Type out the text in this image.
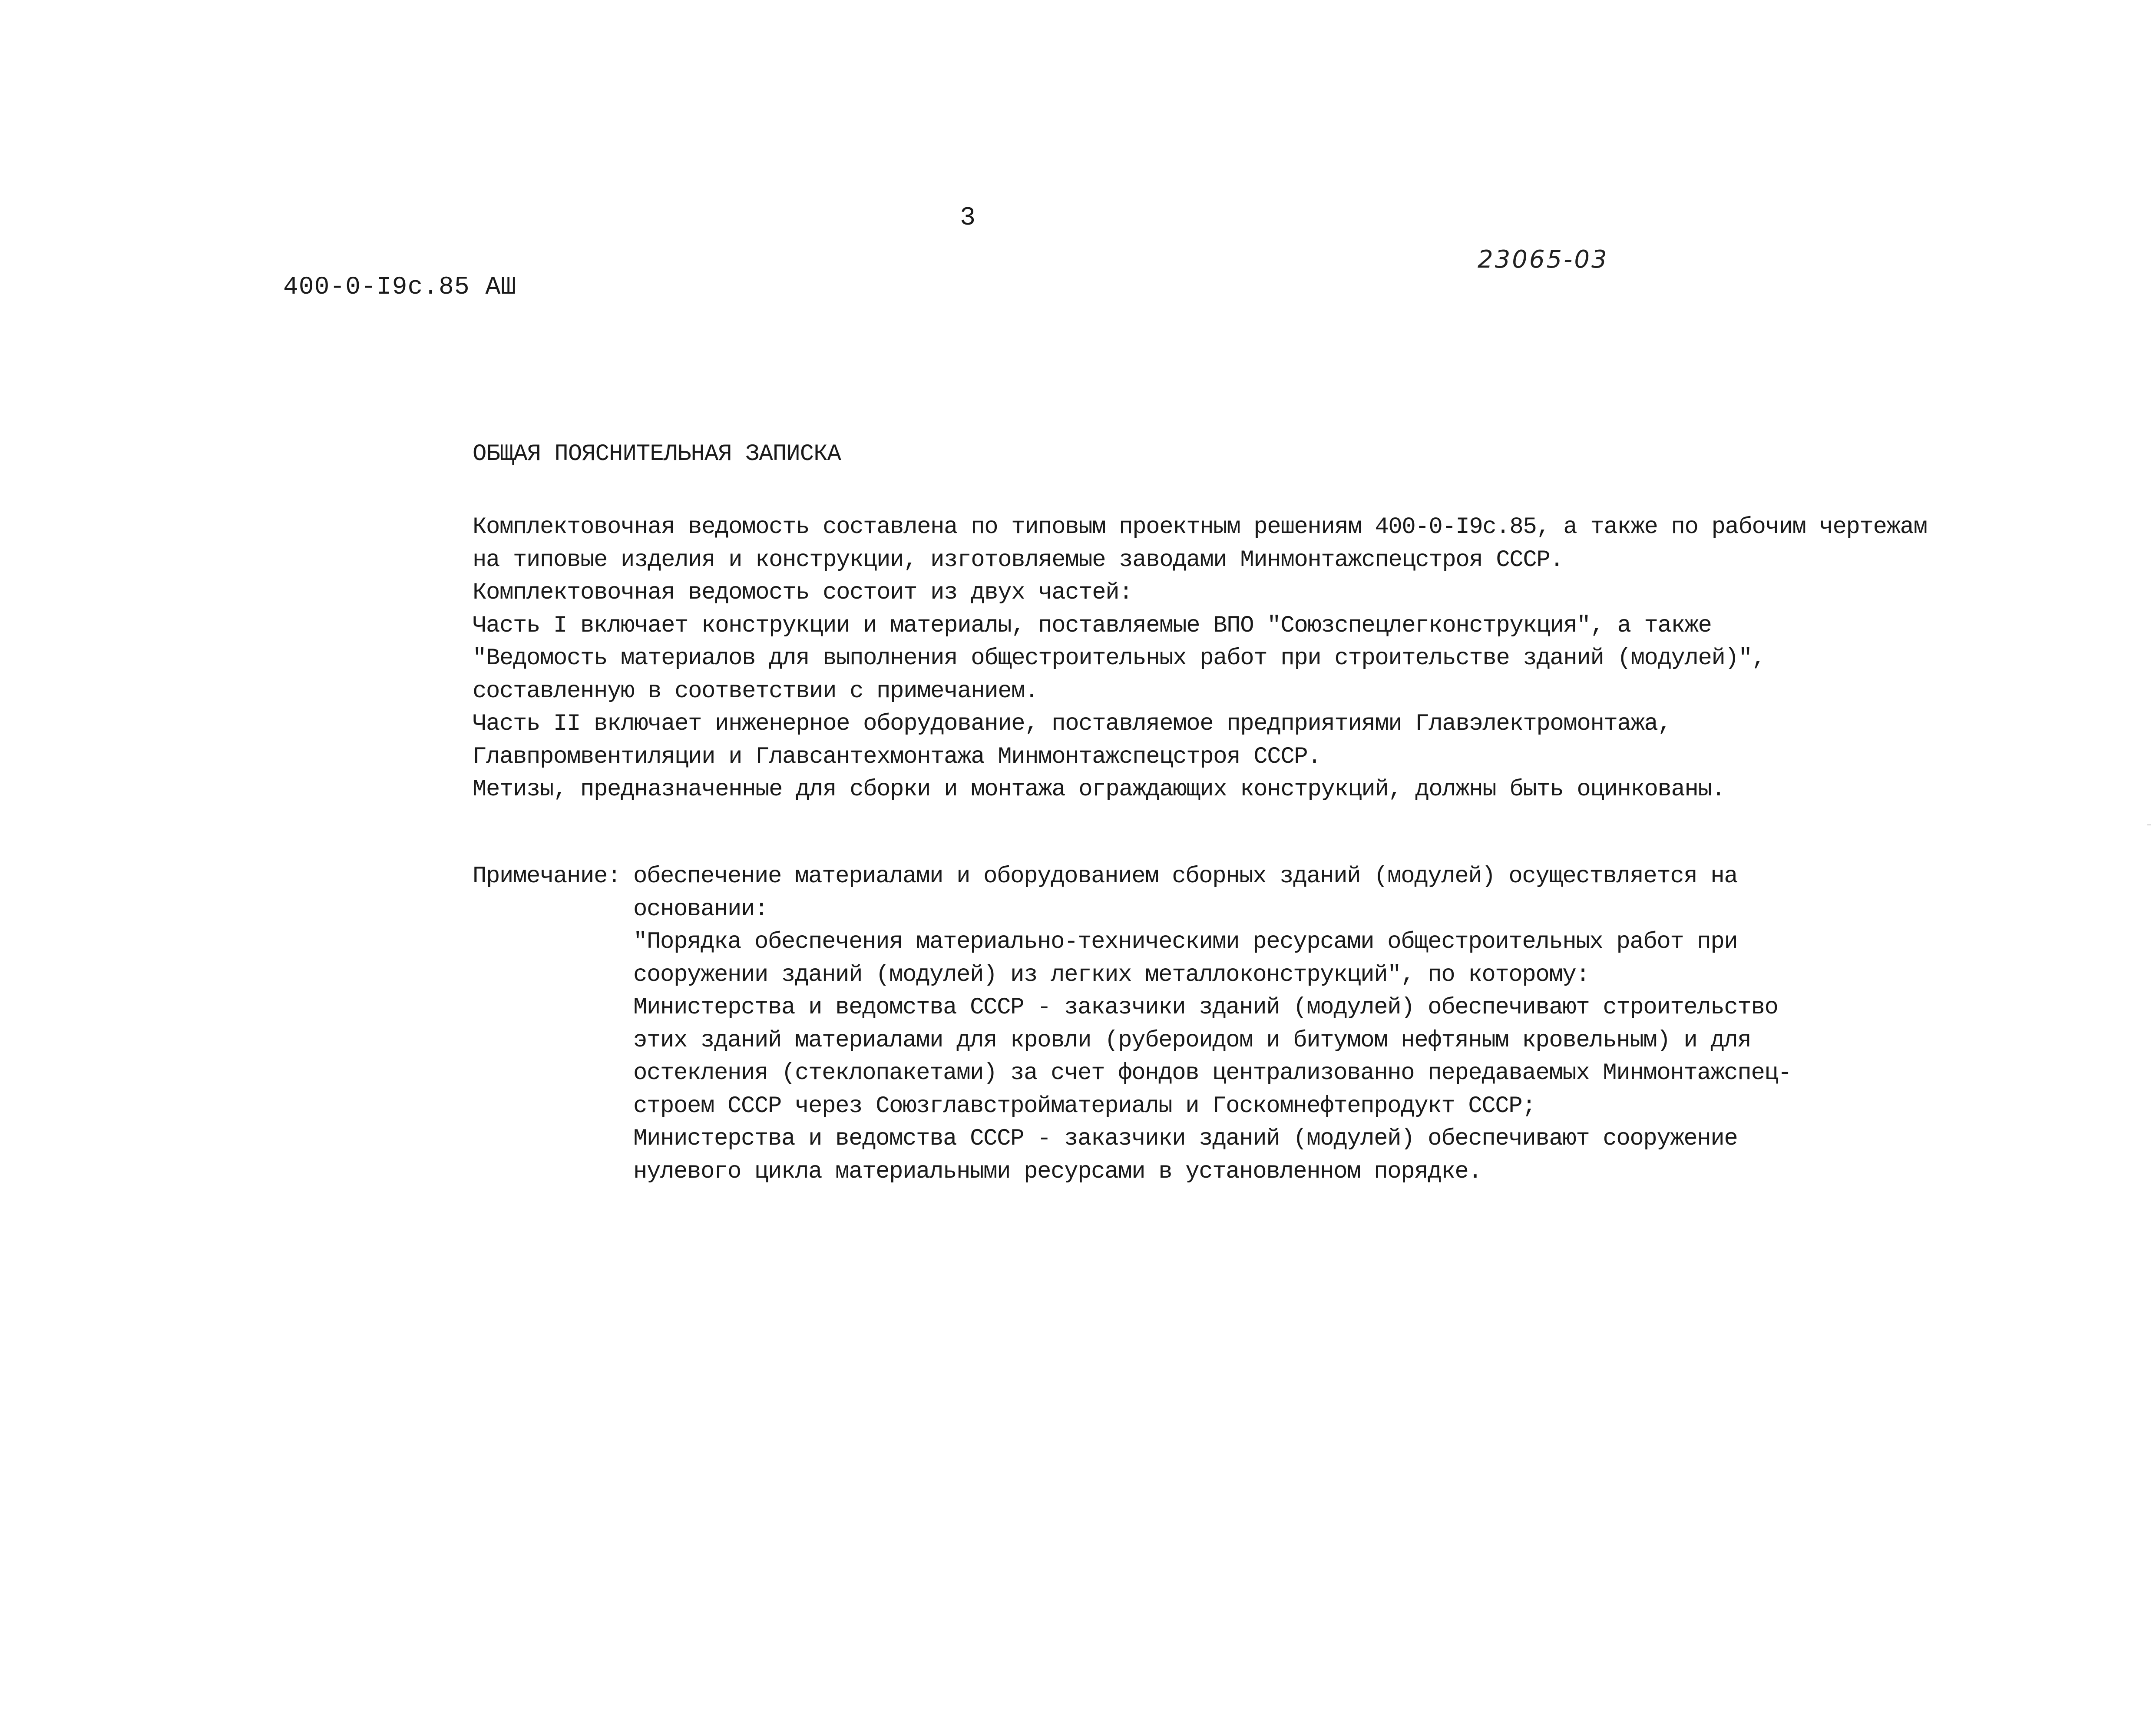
3

23065-03

400-0-I9c.85 АШ

ОБЩАЯ ПОЯСНИТЕЛЬНАЯ ЗАПИСКА
Комплектовочная ведомость составлена по типовым проектным решениям 400-0-I9c.85, а также по рабочим чертежам
на типовые изделия и конструкции, изготовляемые заводами Минмонтажспецстроя СССР.
Комплектовочная ведомость состоит из двух частей:
Часть I включает конструкции и материалы, поставляемые ВПО "Союзспецлегконструкция", а также
"Ведомость материалов для выполнения общестроительных работ при строительстве зданий (модулей)",
составленную в соответствии с примечанием.
Часть II включает инженерное оборудование, поставляемое предприятиями Главэлектромонтажа,
Главпромвентиляции и Главсантехмонтажа Минмонтажспецстроя СССР.
Метизы, предназначенные для сборки и монтажа ограждающих конструкций, должны быть оцинкованы.

Примечание: обеспечение материалами и оборудованием сборных зданий (модулей) осуществляется на
основании:
"Порядка обеспечения материально-техническими ресурсами общестроительных работ при
сооружении зданий (модулей) из легких металлоконструкций", по которому:
Министерства и ведомства СССР - заказчики зданий (модулей) обеспечивают строительство
этих зданий материалами для кровли (рубероидом и битумом нефтяным кровельным) и для
остекления (стеклопакетами) за счет фондов централизованно передаваемых Минмонтажспец-
строем СССР через Союзглавстройматериалы и Госкомнефтепродукт СССР;
Министерства и ведомства СССР - заказчики зданий (модулей) обеспечивают сооружение
нулевого цикла материальными ресурсами в установленном порядке.
